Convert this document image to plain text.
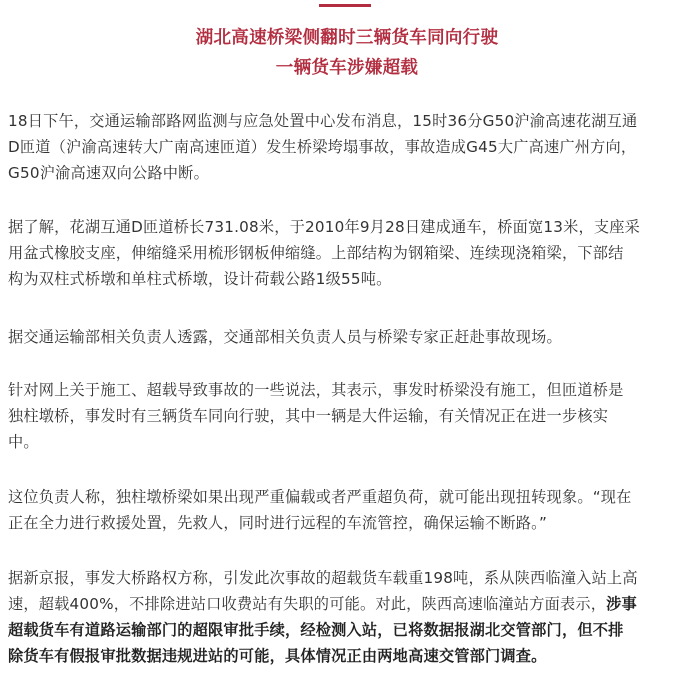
湖北高速桥梁侧翻时三辆货车同向行驶
一辆货车涉嫌超载
18日下午，交通运输部路网监测与应急处置中心发布消息，15时36分G50沪渝高速花湖互通
D匝道（沪渝高速转大广南高速匝道）发生桥梁垮塌事故，事故造成G45大广高速广州方向，
G50沪渝高速双向公路中断。
据了解，花湖互通D匝道桥长731.08米，于2010年9月28日建成通车，桥面宽13米，支座采
用盆式橡胶支座，伸缩缝采用梳形钢板伸缩缝。上部结构为钢箱梁、连续现浇箱梁，下部结
构为双柱式桥墩和单柱式桥墩，设计荷载公路1级55吨。
据交通运输部相关负责人透露，交通部相关负责人员与桥梁专家正赶赴事故现场。
针对网上关于施工、超载导致事故的一些说法，其表示，事发时桥梁没有施工，但匝道桥是
独柱墩桥，事发时有三辆货车同向行驶，其中一辆是大件运输，有关情况正在进一步核实
中。
这位负责人称，独柱墩桥梁如果出现严重偏载或者严重超负荷，就可能出现扭转现象。“现在
正在全力进行救援处置，先救人，同时进行远程的车流管控，确保运输不断路。”
据新京报，事发大桥路权方称，引发此次事故的超载货车载重198吨，系从陕西临潼入站上高
速，超载400%，不排除进站口收费站有失职的可能。对此，陕西高速临潼站方面表示，涉事
超载货车有道路运输部门的超限审批手续，经检测入站，已将数据报湖北交管部门，但不排
除货车有假报审批数据违规进站的可能，具体情况正由两地高速交管部门调查。
